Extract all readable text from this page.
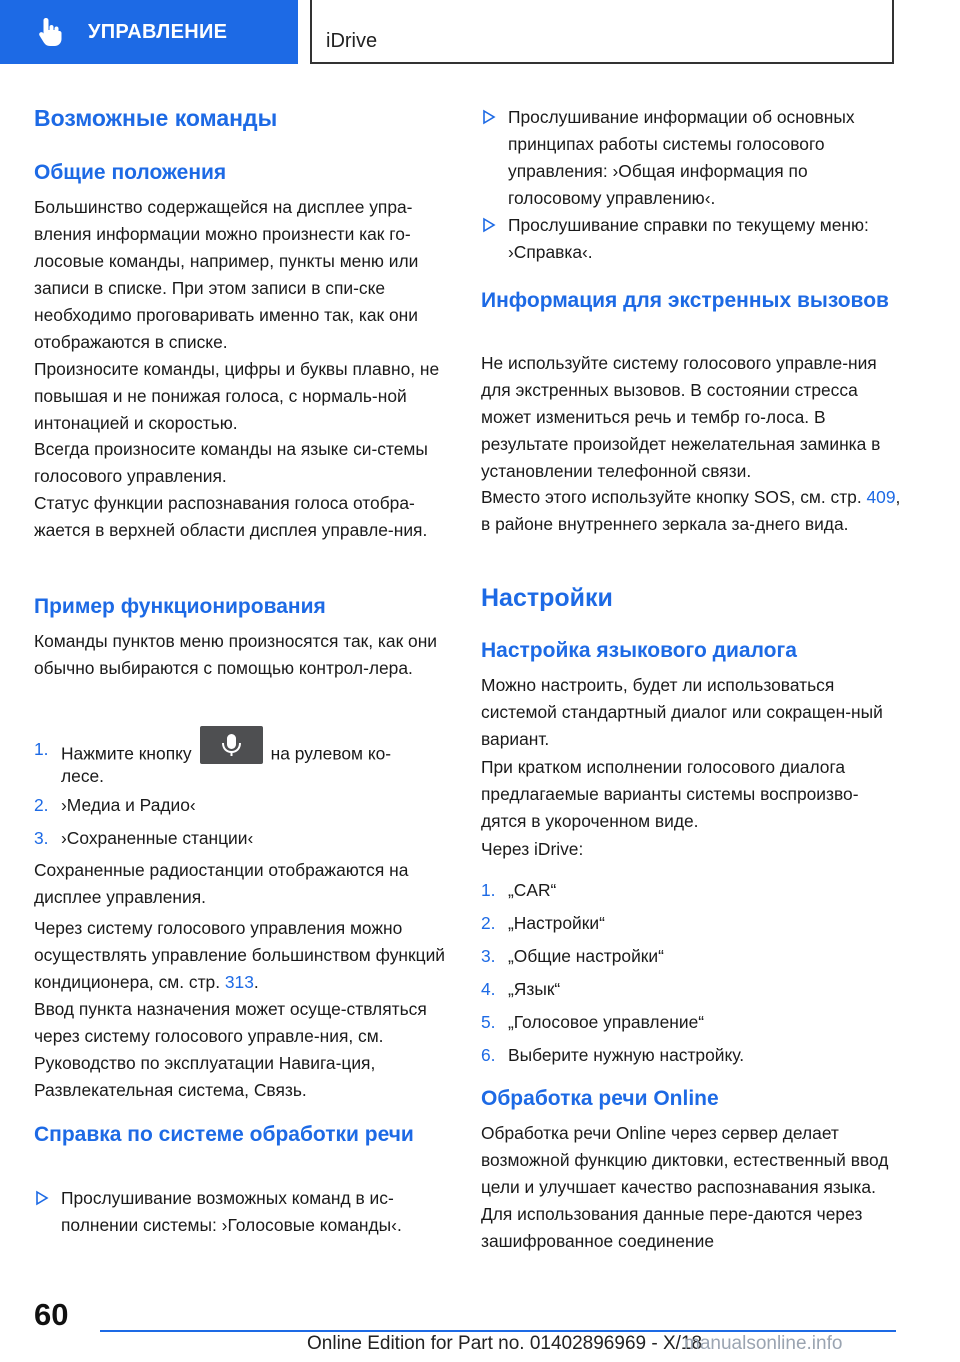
УПРАВЛЕНИЕ	iDrive
Возможные команды
Общие положения

Большинство содержащейся на дисплее упра-вления информации можно произнести как го-лосовые команды, например, пункты меню или записи в списке. При этом записи в спи-ске необходимо проговаривать именно так, как они отображаются в списке.

Произносите команды, цифры и буквы плавно, не повышая и не понижая голоса, с нормаль-ной интонацией и скоростью.

Всегда произносите команды на языке си-стемы голосового управления.

Статус функции распознавания голоса отобра-жается в верхней области дисплея управле-ния.

Пример функционирования

Команды пунктов меню произносятся так, как они обычно выбираются с помощью контрол-лера.

1. Нажмите кнопку	на рулевом ко-
лесе.
2. ›Медиа и Радио‹
3. ›Сохраненные станции‹

Сохраненные радиостанции отображаются на дисплее управления.

Через систему голосового управления можно осуществлять управление большинством функций кондиционера, см. стр. 313.

Ввод пункта назначения может осуще-ствляться через систему голосового управле-ния, см. Руководство по эксплуатации Навига-ция, Развлекательная система, Связь.

Справка по системе обработки речи
Прослушивание возможных команд в ис-полнении системы: ›Голосовые команды‹.
Прослушивание информации об основных принципах работы системы голосового управления: ›Общая информация по голосовому управлению‹.
Прослушивание справки по текущему меню: ›Справка‹.
Информация для экстренных вызовов

Не используйте систему голосового управле-ния для экстренных вызовов. В состоянии стресса может измениться речь и тембр го-лоса. В результате произойдет нежелательная заминка в установлении телефонной связи.

Вместо этого используйте кнопку SOS, см. стр. 409, в районе внутреннего зеркала за-днего вида.

Настройки
Настройка языкового диалога

Можно настроить, будет ли использоваться системой стандартный диалог или сокращен-ный вариант.

При кратком исполнении голосового диалога предлагаемые варианты системы воспроизво-дятся в укороченном виде.

Через iDrive:

1. „CAR“
2. „Настройки“
3. „Общие настройки“
4. „Язык“
5. „Голосовое управление“
6. Выберите нужную настройку.
Обработка речи Online

Обработка речи Online через сервер делает возможной функцию диктовки, естественный ввод цели и улучшает качество распознавания языка. Для использования данные пере-даются через зашифрованное соединение

60
Online Edition for Part no. 01402896969 - X/18
manualsonline.info
